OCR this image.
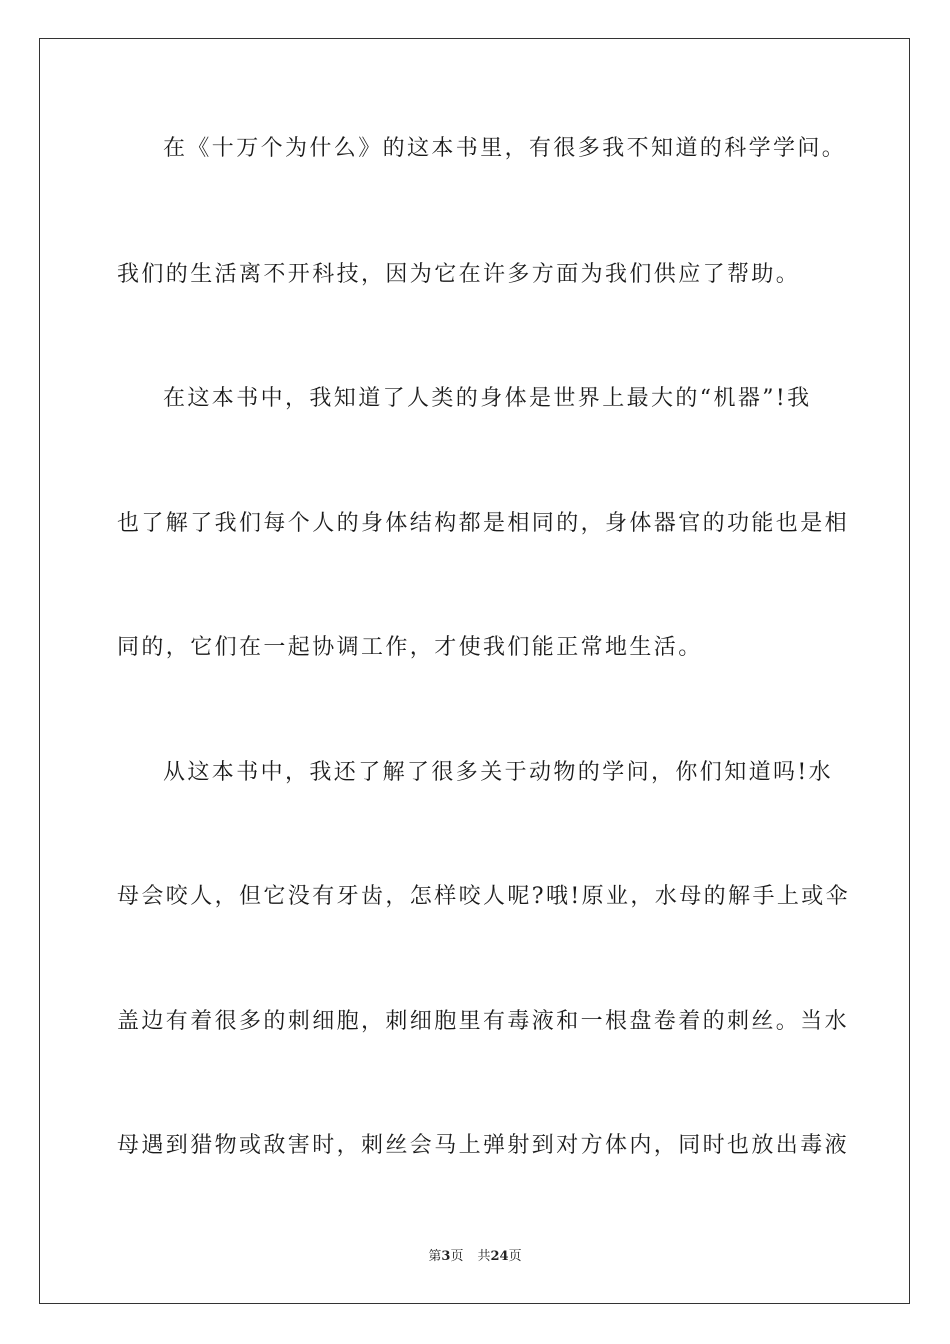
在《十万个为什么》的这本书里，有很多我不知道的科学学问。
我们的生活离不开科技，因为它在许多方面为我们供应了帮助。
在这本书中，我知道了人类的身体是世界上最大的“机器”!我
也了解了我们每个人的身体结构都是相同的，身体器官的功能也是相
同的，它们在一起协调工作，才使我们能正常地生活。
从这本书中，我还了解了很多关于动物的学问，你们知道吗!水
母会咬人，但它没有牙齿，怎样咬人呢?哦!原业，水母的解手上或伞
盖边有着很多的刺细胞，刺细胞里有毒液和一根盘卷着的刺丝。当水
母遇到猎物或敌害时，刺丝会马上弹射到对方体内，同时也放出毒液
第3页 共24页
